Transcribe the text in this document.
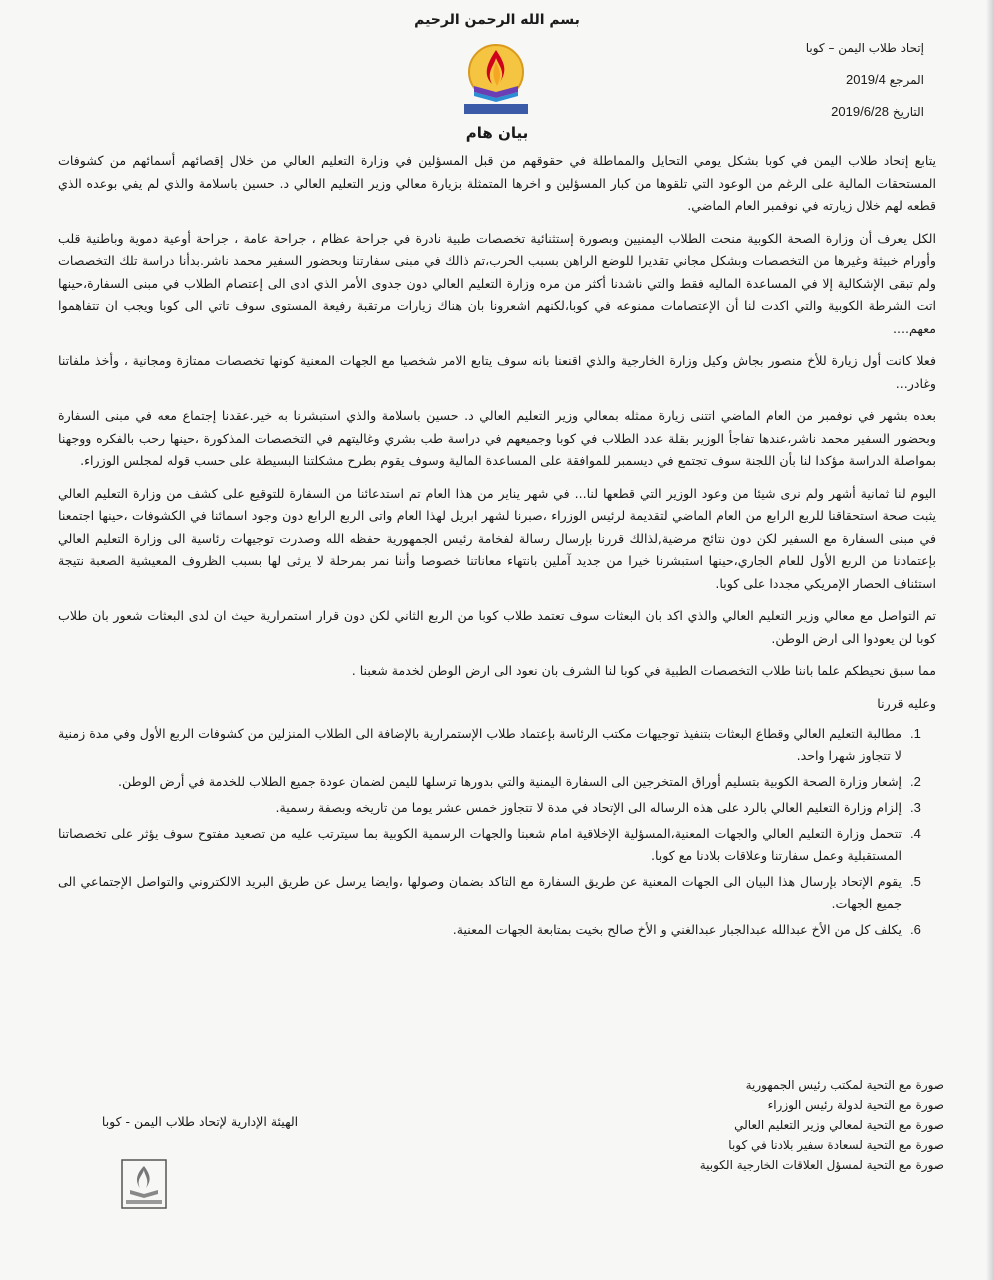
بسم الله الرحمن الرحيم
إتحاد طلاب اليمن – كوبا
المرجع 2019/4
التاريخ 2019/6/28
بيان هام

يتابع إتحاد طلاب اليمن في كوبا بشكل يومي التحايل والمماطلة في حقوقهم من قبل المسؤلين في وزارة التعليم العالي من خلال إقصائهم أسمائهم من كشوفات المستحقات المالية على الرغم من الوعود التي تلقوها من كبار المسؤلين و اخرها المتمثلة بزيارة معالي وزير التعليم العالي د. حسين باسلامة والذي لم يفي بوعده الذي قطعه لهم خلال زيارته في نوفمبر العام الماضي.

الكل يعرف أن وزارة الصحة الكوبية منحت الطلاب اليمنيين وبصورة إستثنائية تخصصات طبية نادرة في جراحة عظام ، جراحة عامة ، جراحة أوعية دموية وباطنية قلب وأورام خبيثة وغيرها من التخصصات وبشكل مجاني تقديرا للوضع الراهن بسبب الحرب،تم ذالك في مبنى سفارتنا وبحضور السفير محمد ناشر.بدأنا دراسة تلك التخصصات ولم تبقى الإشكالية إلا في المساعدة الماليه فقط والتي ناشدنا أكثر من مره وزارة التعليم العالي دون جدوى الأمر الذي ادى الى إعتصام الطلاب في مبنى السفارة،حينها اتت الشرطة الكوبية والتي اكدت لنا أن الإعتصامات ممنوعه في كوبا،لكنهم اشعرونا بان هناك زيارات مرتقبة رفيعة المستوى سوف تاتي الى كوبا ويجب ان تتفاهموا معهم....

فعلا كانت أول زيارة للأخ منصور بجاش وكيل وزارة الخارجية والذي اقنعنا بانه سوف يتابع الامر شخصيا مع الجهات المعنية كونها تخصصات ممتازة ومجانية ، وأخذ ملفاتنا وغادر...

بعده بشهر في نوفمبر من العام الماضي اتتنى زيارة ممثله بمعالي وزير التعليم العالي د. حسين باسلامة والذي استبشرنا به خير.عقدنا إجتماع معه في مبنى السفارة وبحضور السفير محمد ناشر،عندها تفاجأ الوزير بقلة عدد الطلاب في كوبا وجميعهم في دراسة طب بشري وغاليتهم في التخصصات المذكورة ،حينها رحب بالفكره ووجهنا بمواصلة الدراسة مؤكدا لنا بأن اللجنة سوف تجتمع في ديسمبر للموافقة على المساعدة المالية وسوف يقوم بطرح مشكلتنا البسيطة على حسب قوله لمجلس الوزراء.

اليوم لنا ثمانية أشهر ولم نرى شيئا من وعود الوزير التي قطعها لنا... في شهر يناير من هذا العام تم استدعائنا من السفارة للتوقيع على كشف من وزارة التعليم العالي يثبت صحة استحقاقنا للربع الرابع من العام الماضي لتقديمة لرئيس الوزراء ،صبرنا لشهر ابريل لهذا العام واتى الربع الرابع دون وجود اسمائنا في الكشوفات ،حينها اجتمعنا في مبنى السفارة مع السفير لكن دون نتائج مرضية,لذالك قررنا بإرسال رسالة لفخامة رئيس الجمهورية حفظه الله وصدرت توجيهات رئاسية الى وزارة التعليم العالي بإعتمادنا من الربع الأول للعام الجاري،حينها استبشرنا خيرا من جديد آملين بانتهاء معاناتنا خصوصا وأننا نمر بمرحلة لا يرثى لها بسبب الظروف المعيشية الصعبة نتيجة استئناف الحصار الإمريكي مجددا على كوبا.

تم التواصل مع معالي وزير التعليم العالي والذي اكد بان البعثات سوف تعتمد طلاب كوبا من الربع الثاني لكن دون قرار استمرارية حيث ان لدى البعثات شعور بان طلاب كوبا لن يعودوا الى ارض الوطن.

مما سبق نحيطكم علما باننا طلاب التخصصات الطبية في كوبا لنا الشرف بان نعود الى ارض الوطن لخدمة شعبنا .

وعليه قررنا
1.
مطالبة التعليم العالي وقطاع البعثات بتنفيذ توجيهات مكتب الرئاسة بإعتماد طلاب الإستمرارية بالإضافة الى الطلاب المنزلين من كشوفات الربع الأول وفي مدة زمنية لا تتجاوز شهرا واحد.
2.
إشعار وزارة الصحة الكوبية بتسليم أوراق المتخرجين الى السفارة اليمنية والتي بدورها ترسلها لليمن لضمان عودة جميع الطلاب للخدمة في أرض الوطن.
3.
إلزام وزارة التعليم العالي بالرد على هذه الرساله الى الإتحاد في مدة لا تتجاوز خمس عشر يوما من تاريخه وبصفة رسمية.
4.
تتحمل وزارة التعليم العالي والجهات المعنية،المسؤلية الإخلاقية امام شعبنا والجهات الرسمية الكوبية بما سيترتب عليه من تصعيد مفتوح سوف يؤثر على تخصصاتنا المستقبلية وعمل سفارتنا وعلاقات بلادنا مع كوبا.
5.
يقوم الإتحاد بإرسال هذا البيان الى الجهات المعنية عن طريق السفارة مع التاكد بضمان وصولها ،وايضا يرسل عن طريق البريد الالكتروني والتواصل الإجتماعي الى جميع الجهات.
6.
يكلف كل من الأخ عبدالله عبدالجبار عبدالغني و الأخ صالح بخيت بمتابعة الجهات المعنية.
صورة مع التحية لمكتب رئيس الجمهورية
صورة مع التحية لدولة رئيس الوزراء
صورة مع التحية لمعالي وزير التعليم العالي
صورة مع التحية لسعادة سفير بلادنا في كوبا
صورة مع التحية لمسؤل العلاقات الخارجية الكوبية
الهيئة الإدارية لإتحاد طلاب اليمن - كوبا
